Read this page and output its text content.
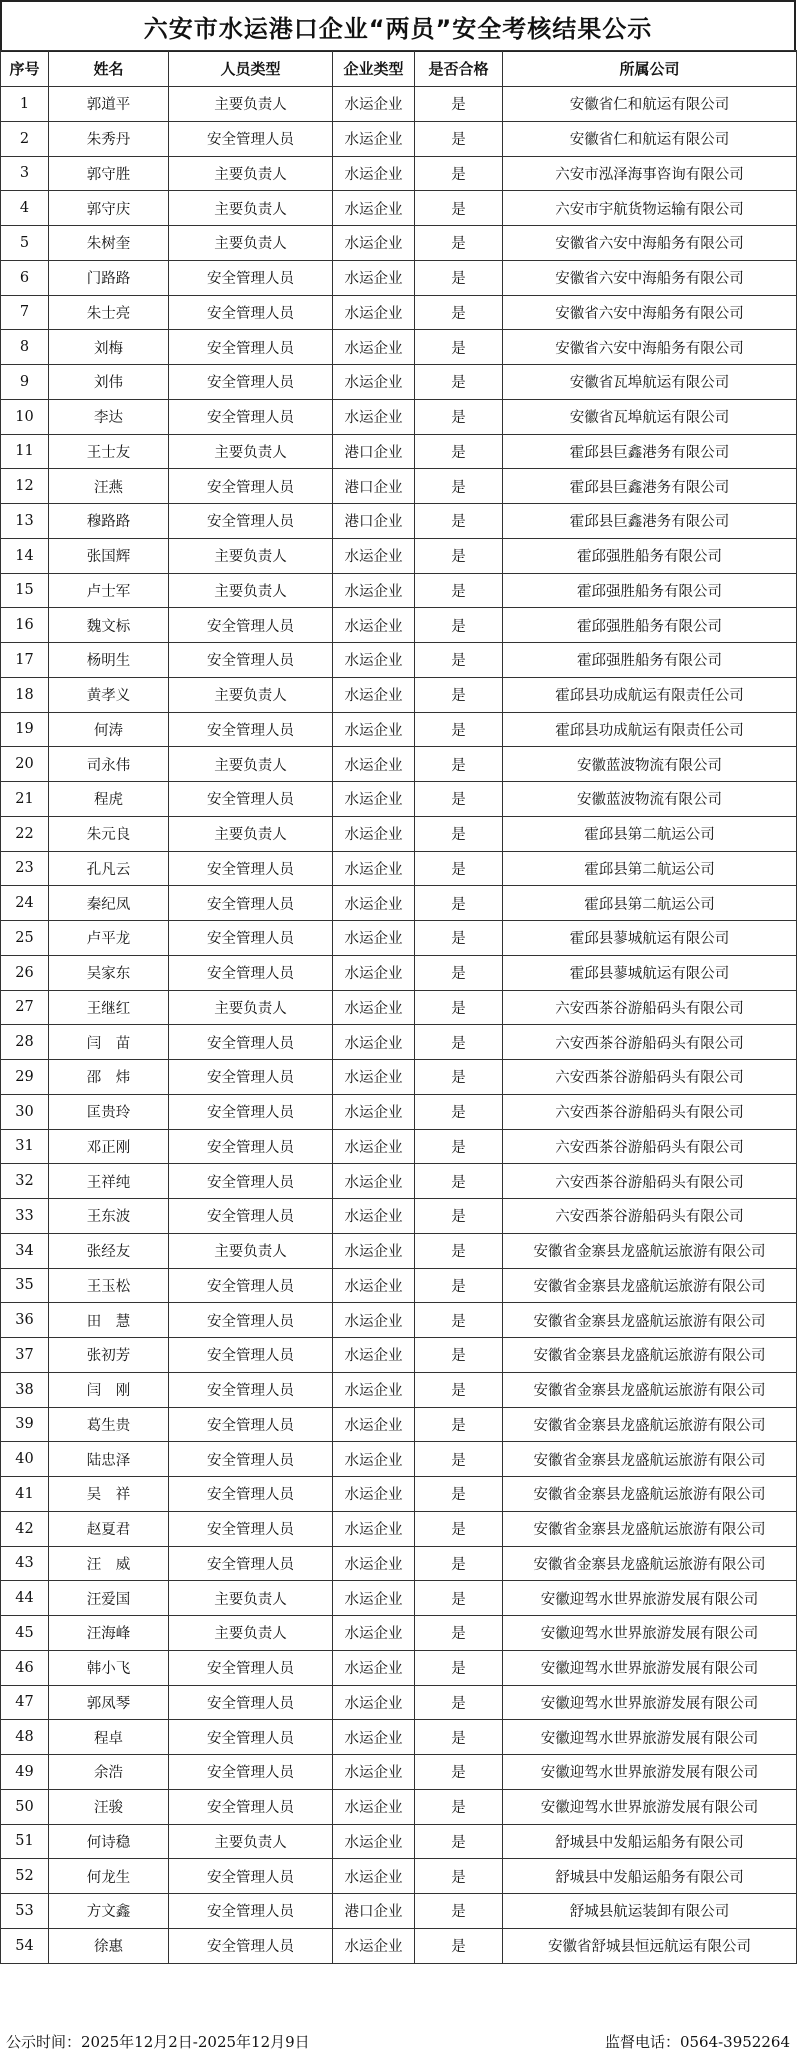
六安市水运港口企业“两员”安全考核结果公示
序号	姓名	人员类型	企业类型	是否合格	所属公司
1	郭道平	主要负责人	水运企业	是	安徽省仁和航运有限公司
2	朱秀丹	安全管理人员	水运企业	是	安徽省仁和航运有限公司
3	郭守胜	主要负责人	水运企业	是	六安市泓泽海事咨询有限公司
4	郭守庆	主要负责人	水运企业	是	六安市宇航货物运输有限公司
5	朱树奎	主要负责人	水运企业	是	安徽省六安中海船务有限公司
6	门路路	安全管理人员	水运企业	是	安徽省六安中海船务有限公司
7	朱士亮	安全管理人员	水运企业	是	安徽省六安中海船务有限公司
8	刘梅	安全管理人员	水运企业	是	安徽省六安中海船务有限公司
9	刘伟	安全管理人员	水运企业	是	安徽省瓦埠航运有限公司
10	李达	安全管理人员	水运企业	是	安徽省瓦埠航运有限公司
11	王士友	主要负责人	港口企业	是	霍邱县巨鑫港务有限公司
12	汪燕	安全管理人员	港口企业	是	霍邱县巨鑫港务有限公司
13	穆路路	安全管理人员	港口企业	是	霍邱县巨鑫港务有限公司
14	张国辉	主要负责人	水运企业	是	霍邱强胜船务有限公司
15	卢士军	主要负责人	水运企业	是	霍邱强胜船务有限公司
16	魏文标	安全管理人员	水运企业	是	霍邱强胜船务有限公司
17	杨明生	安全管理人员	水运企业	是	霍邱强胜船务有限公司
18	黄孝义	主要负责人	水运企业	是	霍邱县功成航运有限责任公司
19	何涛	安全管理人员	水运企业	是	霍邱县功成航运有限责任公司
20	司永伟	主要负责人	水运企业	是	安徽蓝波物流有限公司
21	程虎	安全管理人员	水运企业	是	安徽蓝波物流有限公司
22	朱元良	主要负责人	水运企业	是	霍邱县第二航运公司
23	孔凡云	安全管理人员	水运企业	是	霍邱县第二航运公司
24	秦纪凤	安全管理人员	水运企业	是	霍邱县第二航运公司
25	卢平龙	安全管理人员	水运企业	是	霍邱县蓼城航运有限公司
26	吴家东	安全管理人员	水运企业	是	霍邱县蓼城航运有限公司
27	王继红	主要负责人	水运企业	是	六安西茶谷游船码头有限公司
28	闫　苗	安全管理人员	水运企业	是	六安西茶谷游船码头有限公司
29	邵　炜	安全管理人员	水运企业	是	六安西茶谷游船码头有限公司
30	匡贵玲	安全管理人员	水运企业	是	六安西茶谷游船码头有限公司
31	邓正刚	安全管理人员	水运企业	是	六安西茶谷游船码头有限公司
32	王祥纯	安全管理人员	水运企业	是	六安西茶谷游船码头有限公司
33	王东波	安全管理人员	水运企业	是	六安西茶谷游船码头有限公司
34	张经友	主要负责人	水运企业	是	安徽省金寨县龙盛航运旅游有限公司
35	王玉松	安全管理人员	水运企业	是	安徽省金寨县龙盛航运旅游有限公司
36	田　慧	安全管理人员	水运企业	是	安徽省金寨县龙盛航运旅游有限公司
37	张初芳	安全管理人员	水运企业	是	安徽省金寨县龙盛航运旅游有限公司
38	闫　刚	安全管理人员	水运企业	是	安徽省金寨县龙盛航运旅游有限公司
39	葛生贵	安全管理人员	水运企业	是	安徽省金寨县龙盛航运旅游有限公司
40	陆忠泽	安全管理人员	水运企业	是	安徽省金寨县龙盛航运旅游有限公司
41	吴　祥	安全管理人员	水运企业	是	安徽省金寨县龙盛航运旅游有限公司
42	赵夏君	安全管理人员	水运企业	是	安徽省金寨县龙盛航运旅游有限公司
43	汪　威	安全管理人员	水运企业	是	安徽省金寨县龙盛航运旅游有限公司
44	汪爱国	主要负责人	水运企业	是	安徽迎驾水世界旅游发展有限公司
45	汪海峰	主要负责人	水运企业	是	安徽迎驾水世界旅游发展有限公司
46	韩小飞	安全管理人员	水运企业	是	安徽迎驾水世界旅游发展有限公司
47	郭凤琴	安全管理人员	水运企业	是	安徽迎驾水世界旅游发展有限公司
48	程卓	安全管理人员	水运企业	是	安徽迎驾水世界旅游发展有限公司
49	余浩	安全管理人员	水运企业	是	安徽迎驾水世界旅游发展有限公司
50	汪骏	安全管理人员	水运企业	是	安徽迎驾水世界旅游发展有限公司
51	何诗稳	主要负责人	水运企业	是	舒城县中发船运船务有限公司
52	何龙生	安全管理人员	水运企业	是	舒城县中发船运船务有限公司
53	方文鑫	安全管理人员	港口企业	是	舒城县航运装卸有限公司
54	徐惠	安全管理人员	水运企业	是	安徽省舒城县恒远航运有限公司
公示时间：2025年12月2日-2025年12月9日	监督电话：0564-3952264
